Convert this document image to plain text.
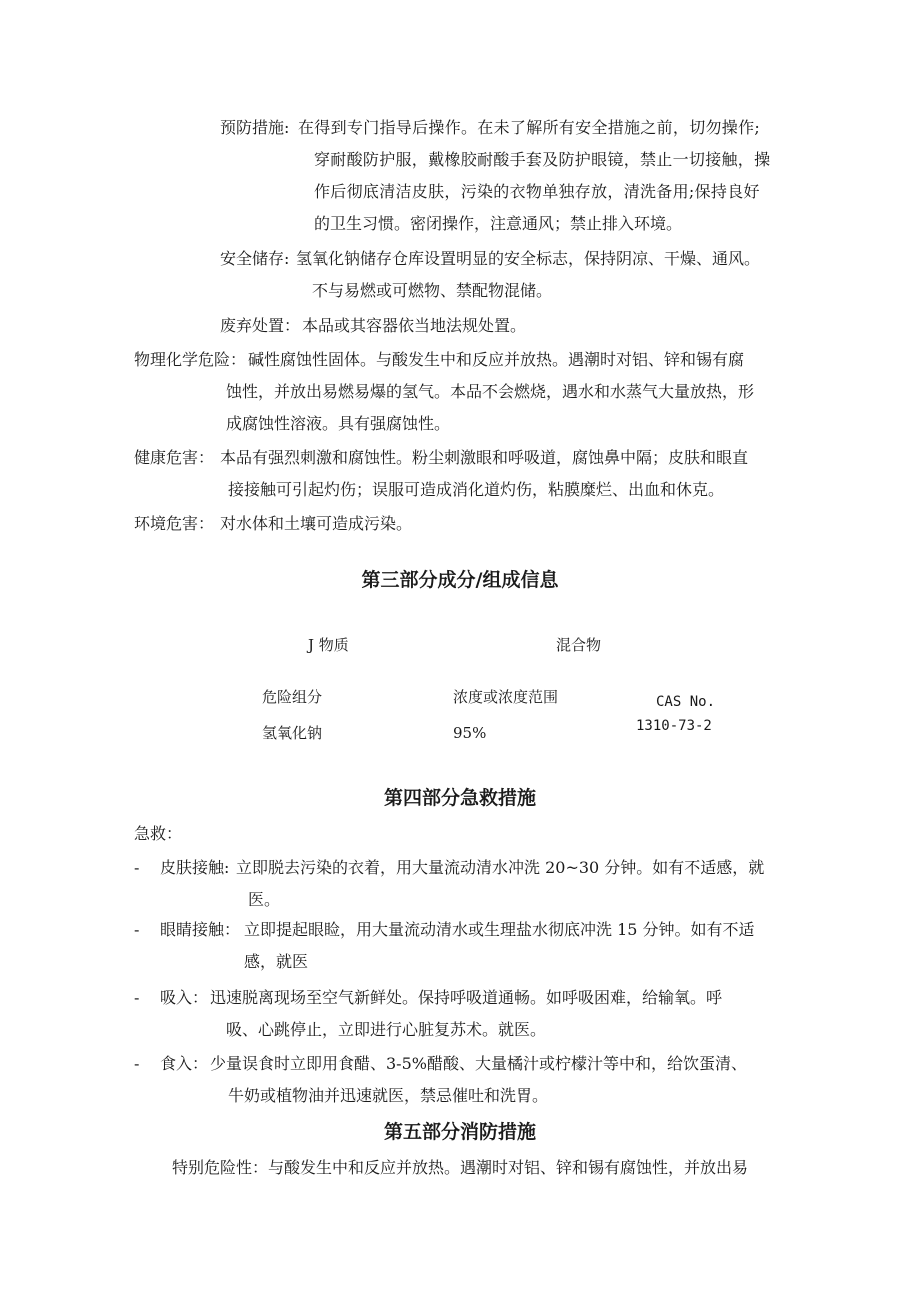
预防措施: 在得到专门指导后操作。在未了解所有安全措施之前，切勿操作;
穿耐酸防护服，戴橡胶耐酸手套及防护眼镜，禁止一切接触，操
作后彻底清洁皮肤，污染的衣物单独存放，清洗备用;保持良好
的卫生习惯。密闭操作，注意通风；禁止排入环境。
安全储存: 氢氧化钠储存仓库设置明显的安全标志，保持阴凉、干燥、通风。
不与易燃或可燃物、禁配物混储。
废弃处置： 本品或其容器依当地法规处置。
物理化学危险： 碱性腐蚀性固体。与酸发生中和反应并放热。遇潮时对铝、锌和锡有腐
蚀性，并放出易燃易爆的氢气。本品不会燃烧，遇水和水蒸气大量放热，形
成腐蚀性溶液。具有强腐蚀性。
健康危害： 本品有强烈刺激和腐蚀性。粉尘刺激眼和呼吸道，腐蚀鼻中隔；皮肤和眼直
接接触可引起灼伤；误服可造成消化道灼伤，粘膜糜烂、出血和休克。
环境危害： 对水体和土壤可造成污染。
第三部分成分/组成信息
J 物质	混合物
危险组分	浓度或浓度范围	CAS No.
氢氧化钠	95%	1310-73-2
第四部分急救措施
急救：
- 皮肤接触: 立即脱去污染的衣着，用大量流动清水冲洗 20~30 分钟。如有不适感，就
医。
- 眼睛接触： 立即提起眼睑，用大量流动清水或生理盐水彻底冲洗 15 分钟。如有不适
感，就医
- 吸入： 迅速脱离现场至空气新鲜处。保持呼吸道通畅。如呼吸困难，给输氧。呼
吸、心跳停止，立即进行心脏复苏术。就医。
- 食入： 少量误食时立即用食醋、3-5%醋酸、大量橘汁或柠檬汁等中和，给饮蛋清、
牛奶或植物油并迅速就医，禁忌催吐和洗胃。
第五部分消防措施
特别危险性： 与酸发生中和反应并放热。遇潮时对铝、锌和锡有腐蚀性，并放出易
